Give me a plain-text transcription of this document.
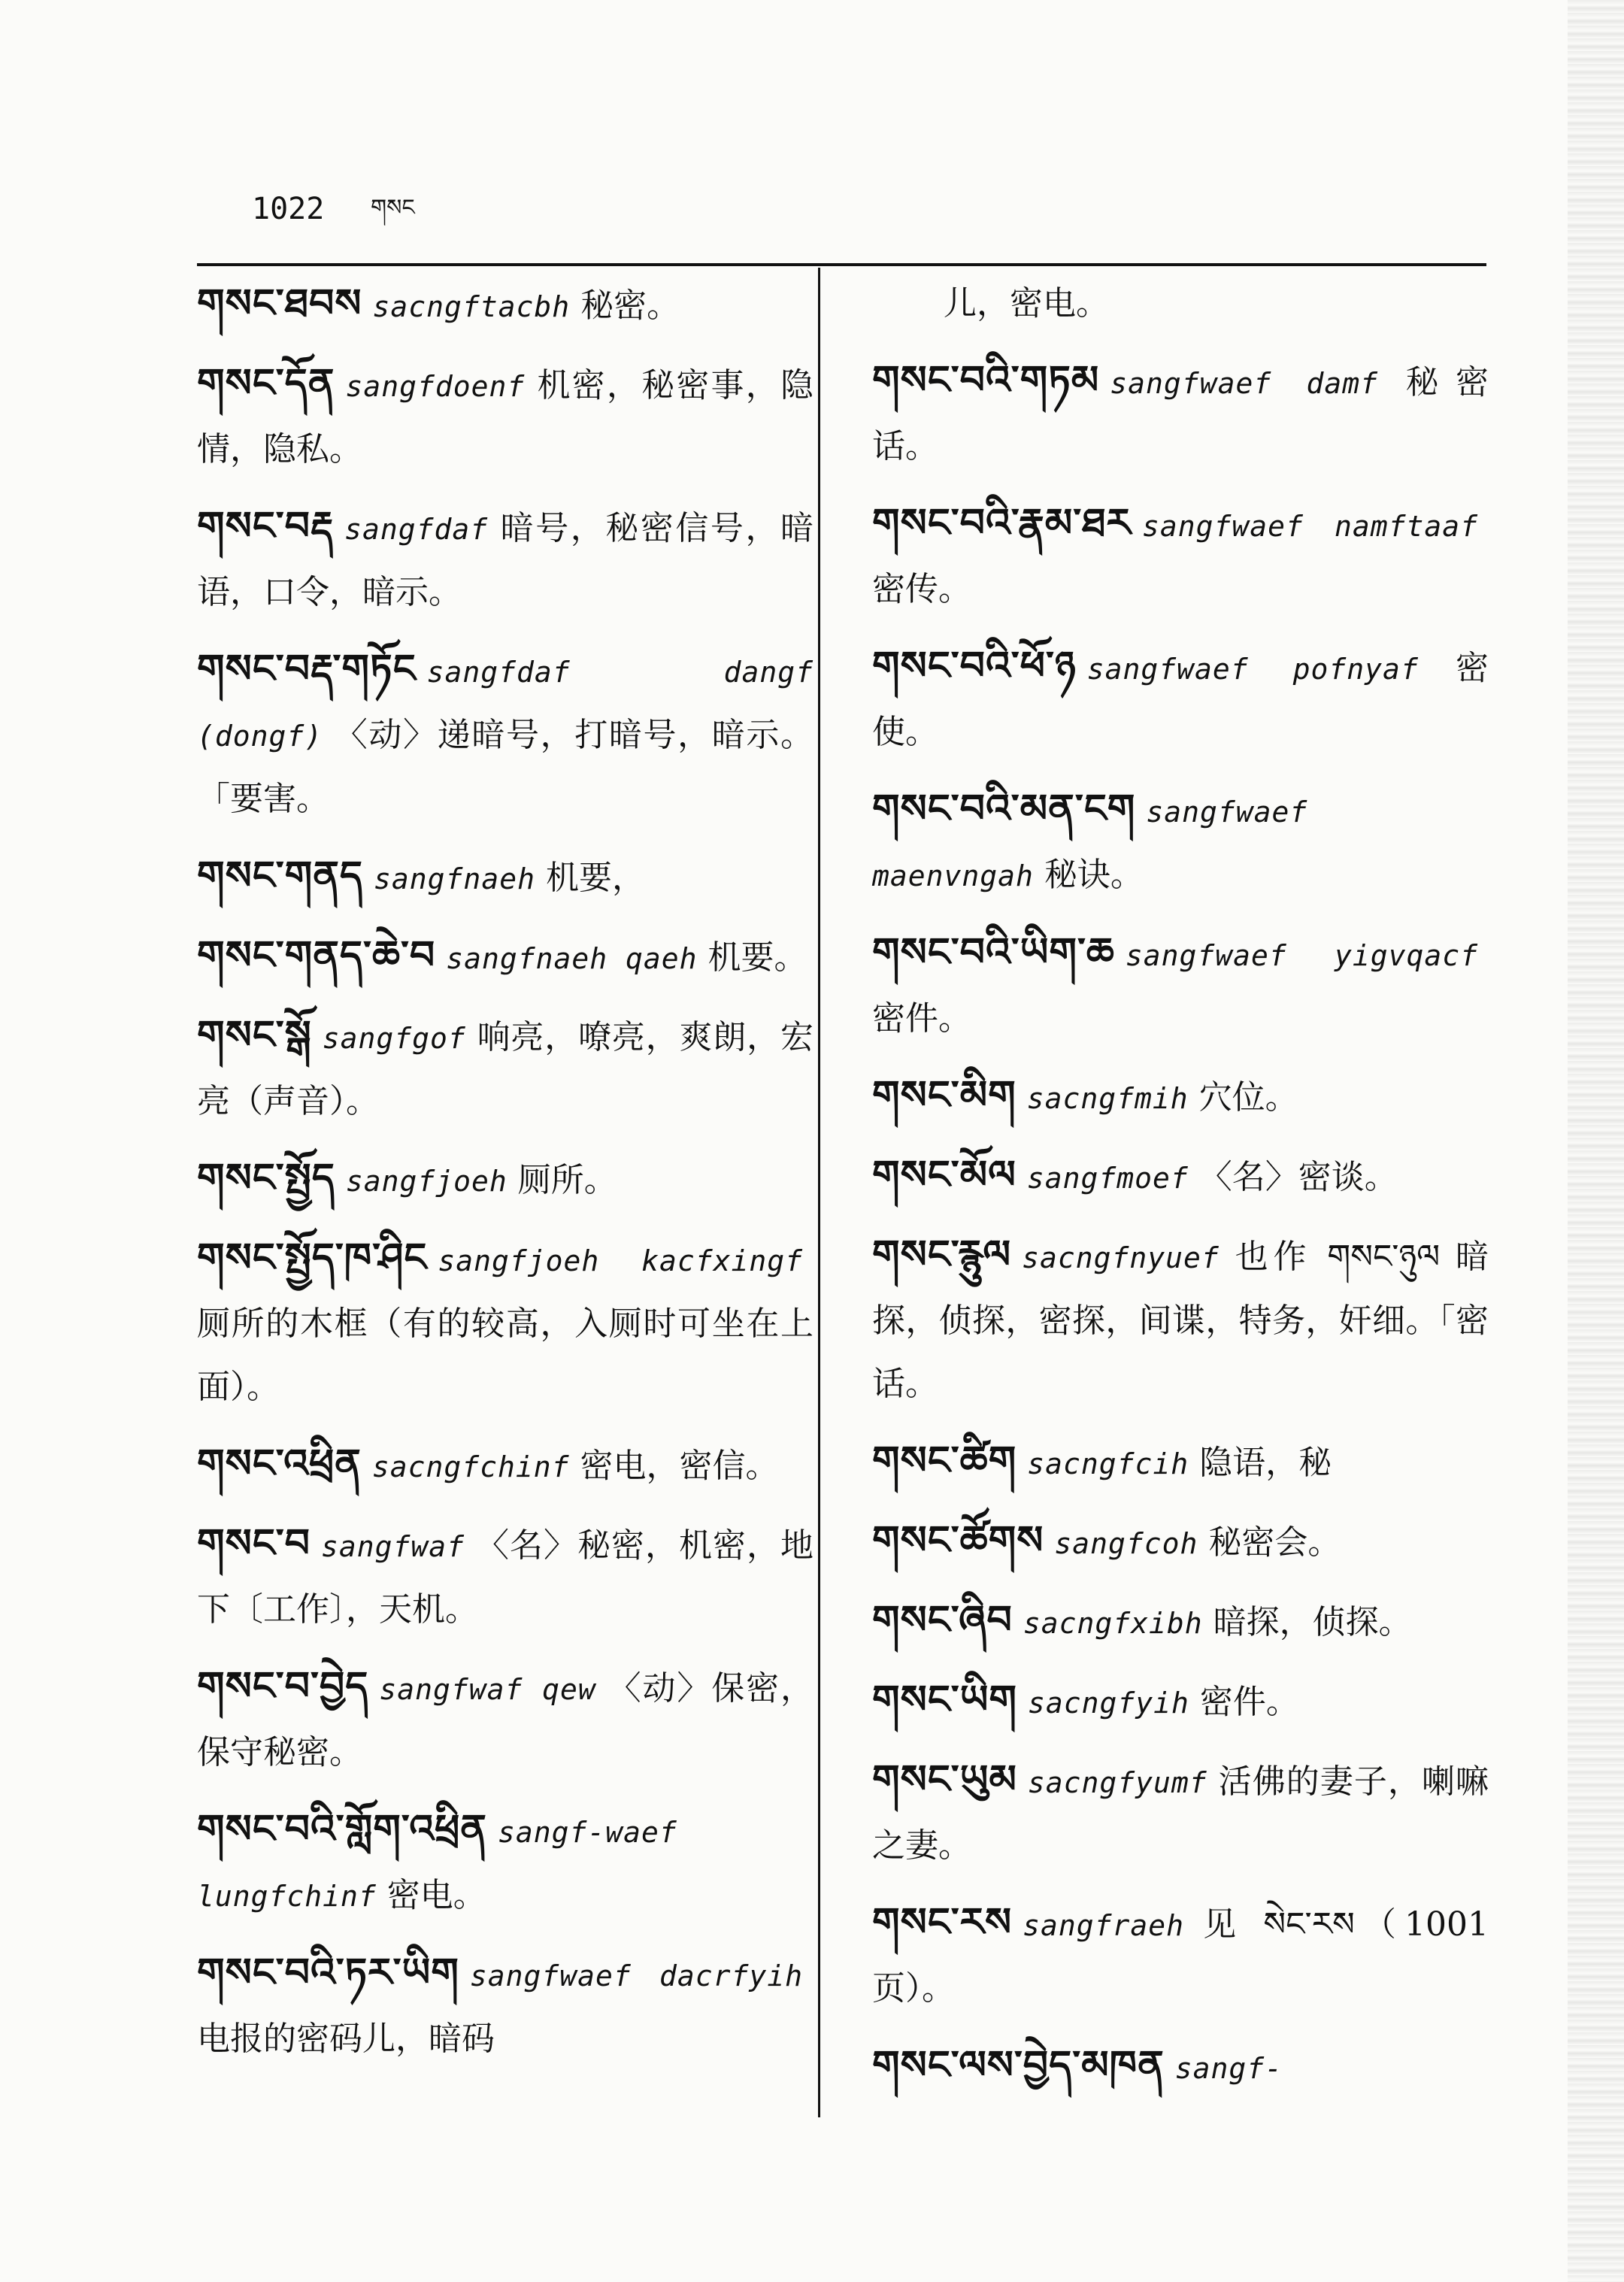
1022 གསང

གསང་ཐབས sacngftacbh 秘密。

གསང་དོན sangfdoenf 机密，秘密事，隐情，隐私。

གསང་བརྡ sangfdaf 暗号，秘密信号，暗语，口令，暗示。

གསང་བརྡ་གཏོང sangfdaf dangf (dongf) 〈动〉递暗号，打暗号，暗示。「要害。

གསང་གནད sangfnaeh 机要，

གསང་གནད་ཆེ་བ sangfnaeh qaeh 机要。

གསང་སྒོ sangfgof 响亮，嘹亮，爽朗，宏亮（声音）。

གསང་སྤྱོད sangfjoeh 厕所。

གསང་སྤྱོད་ཁ་ཤིང sangfjoeh kacfxingf厕所的木框（有的较高，入厕时可坐在上面）。

གསང་འཕྲིན sacngfchinf 密电，密信。

གསང་བ sangfwaf 〈名〉秘密，机密，地下〔工作〕，天机。

གསང་བ་བྱེད sangfwaf qew 〈动〉保密，保守秘密。

གསང་བའི་གློག་འཕྲིན sangf-waef lungfchinf 密电。

གསང་བའི་ཏར་ཡིག sangfwaef dacrfyih电报的密码儿，暗码

儿，密电。

གསང་བའི་གཏམ sangfwaef damf 秘密话。

གསང་བའི་རྣམ་ཐར sangfwaef namftaaf密传。

གསང་བའི་ཕོ་ཉ sangfwaef pofnyaf 密使。

གསང་བའི་མན་ངག sangfwaef maenvngah 秘诀。

གསང་བའི་ཡིག་ཆ sangfwaef yigvqacf密件。

གསང་མིག sacngfmih 穴位。

གསང་མོལ sangfmoef 〈名〉密谈。

གསང་རྙུལ sacngfnyuef 也作 གསང་ཉུལ 暗探，侦探，密探，间谍，特务，奸细。「密话。

གསང་ཚིག sacngfcih 隐语，秘

གསང་ཚོགས sangfcoh 秘密会。

གསང་ཞིབ sacngfxibh 暗探，侦探。

གསང་ཡིག sacngfyih 密件。

གསང་ཡུམ sacngfyumf 活佛的妻子，喇嘛之妻。

གསང་རས sangfraeh 见 སེང་རས（1001页）。

གསང་ལས་བྱེད་མཁན sangf-
